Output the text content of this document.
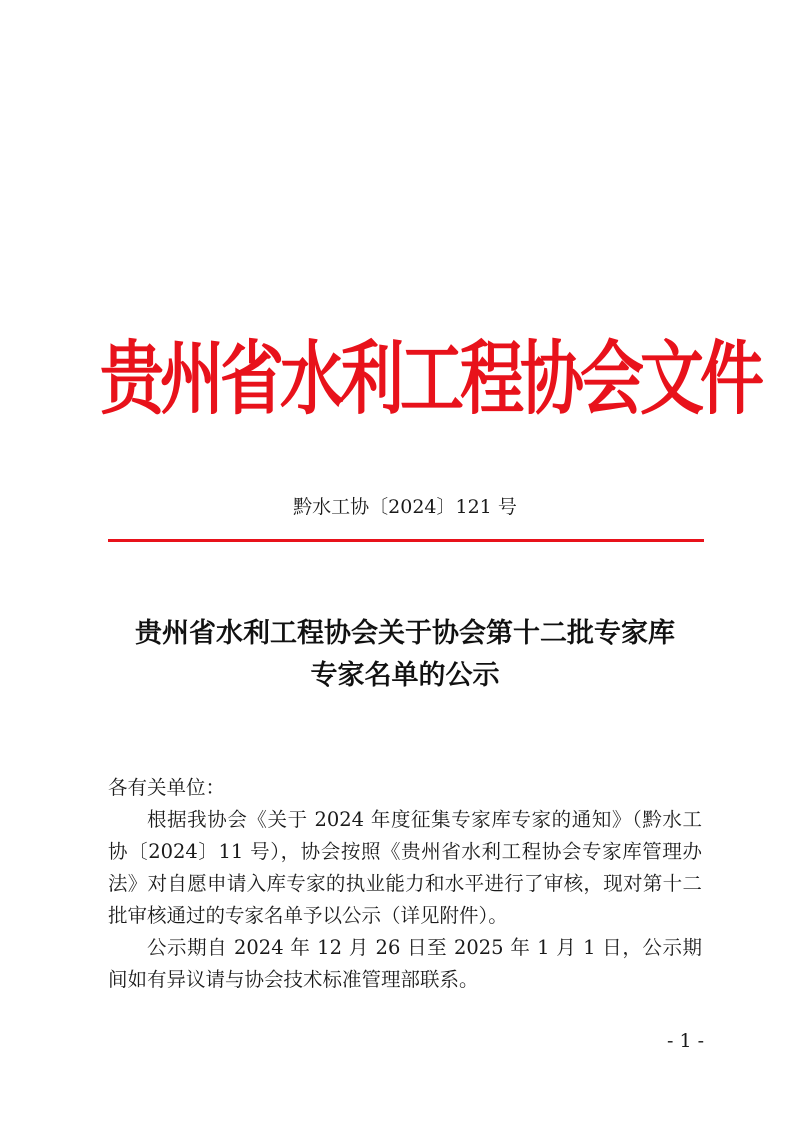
贵州省水利工程协会文件
黔水工协〔2024〕121 号
贵州省水利工程协会关于协会第十二批专家库
专家名单的公示

各有关单位：

根据我协会《关于 2024 年度征集专家库专家的通知》（黔水工协〔2024〕11 号），协会按照《贵州省水利工程协会专家库管理办法》对自愿申请入库专家的执业能力和水平进行了审核，现对第十二批审核通过的专家名单予以公示（详见附件）。

公示期自 2024 年 12 月 26 日至 2025 年 1 月 1 日，公示期间如有异议请与协会技术标准管理部联系。

- 1 -
